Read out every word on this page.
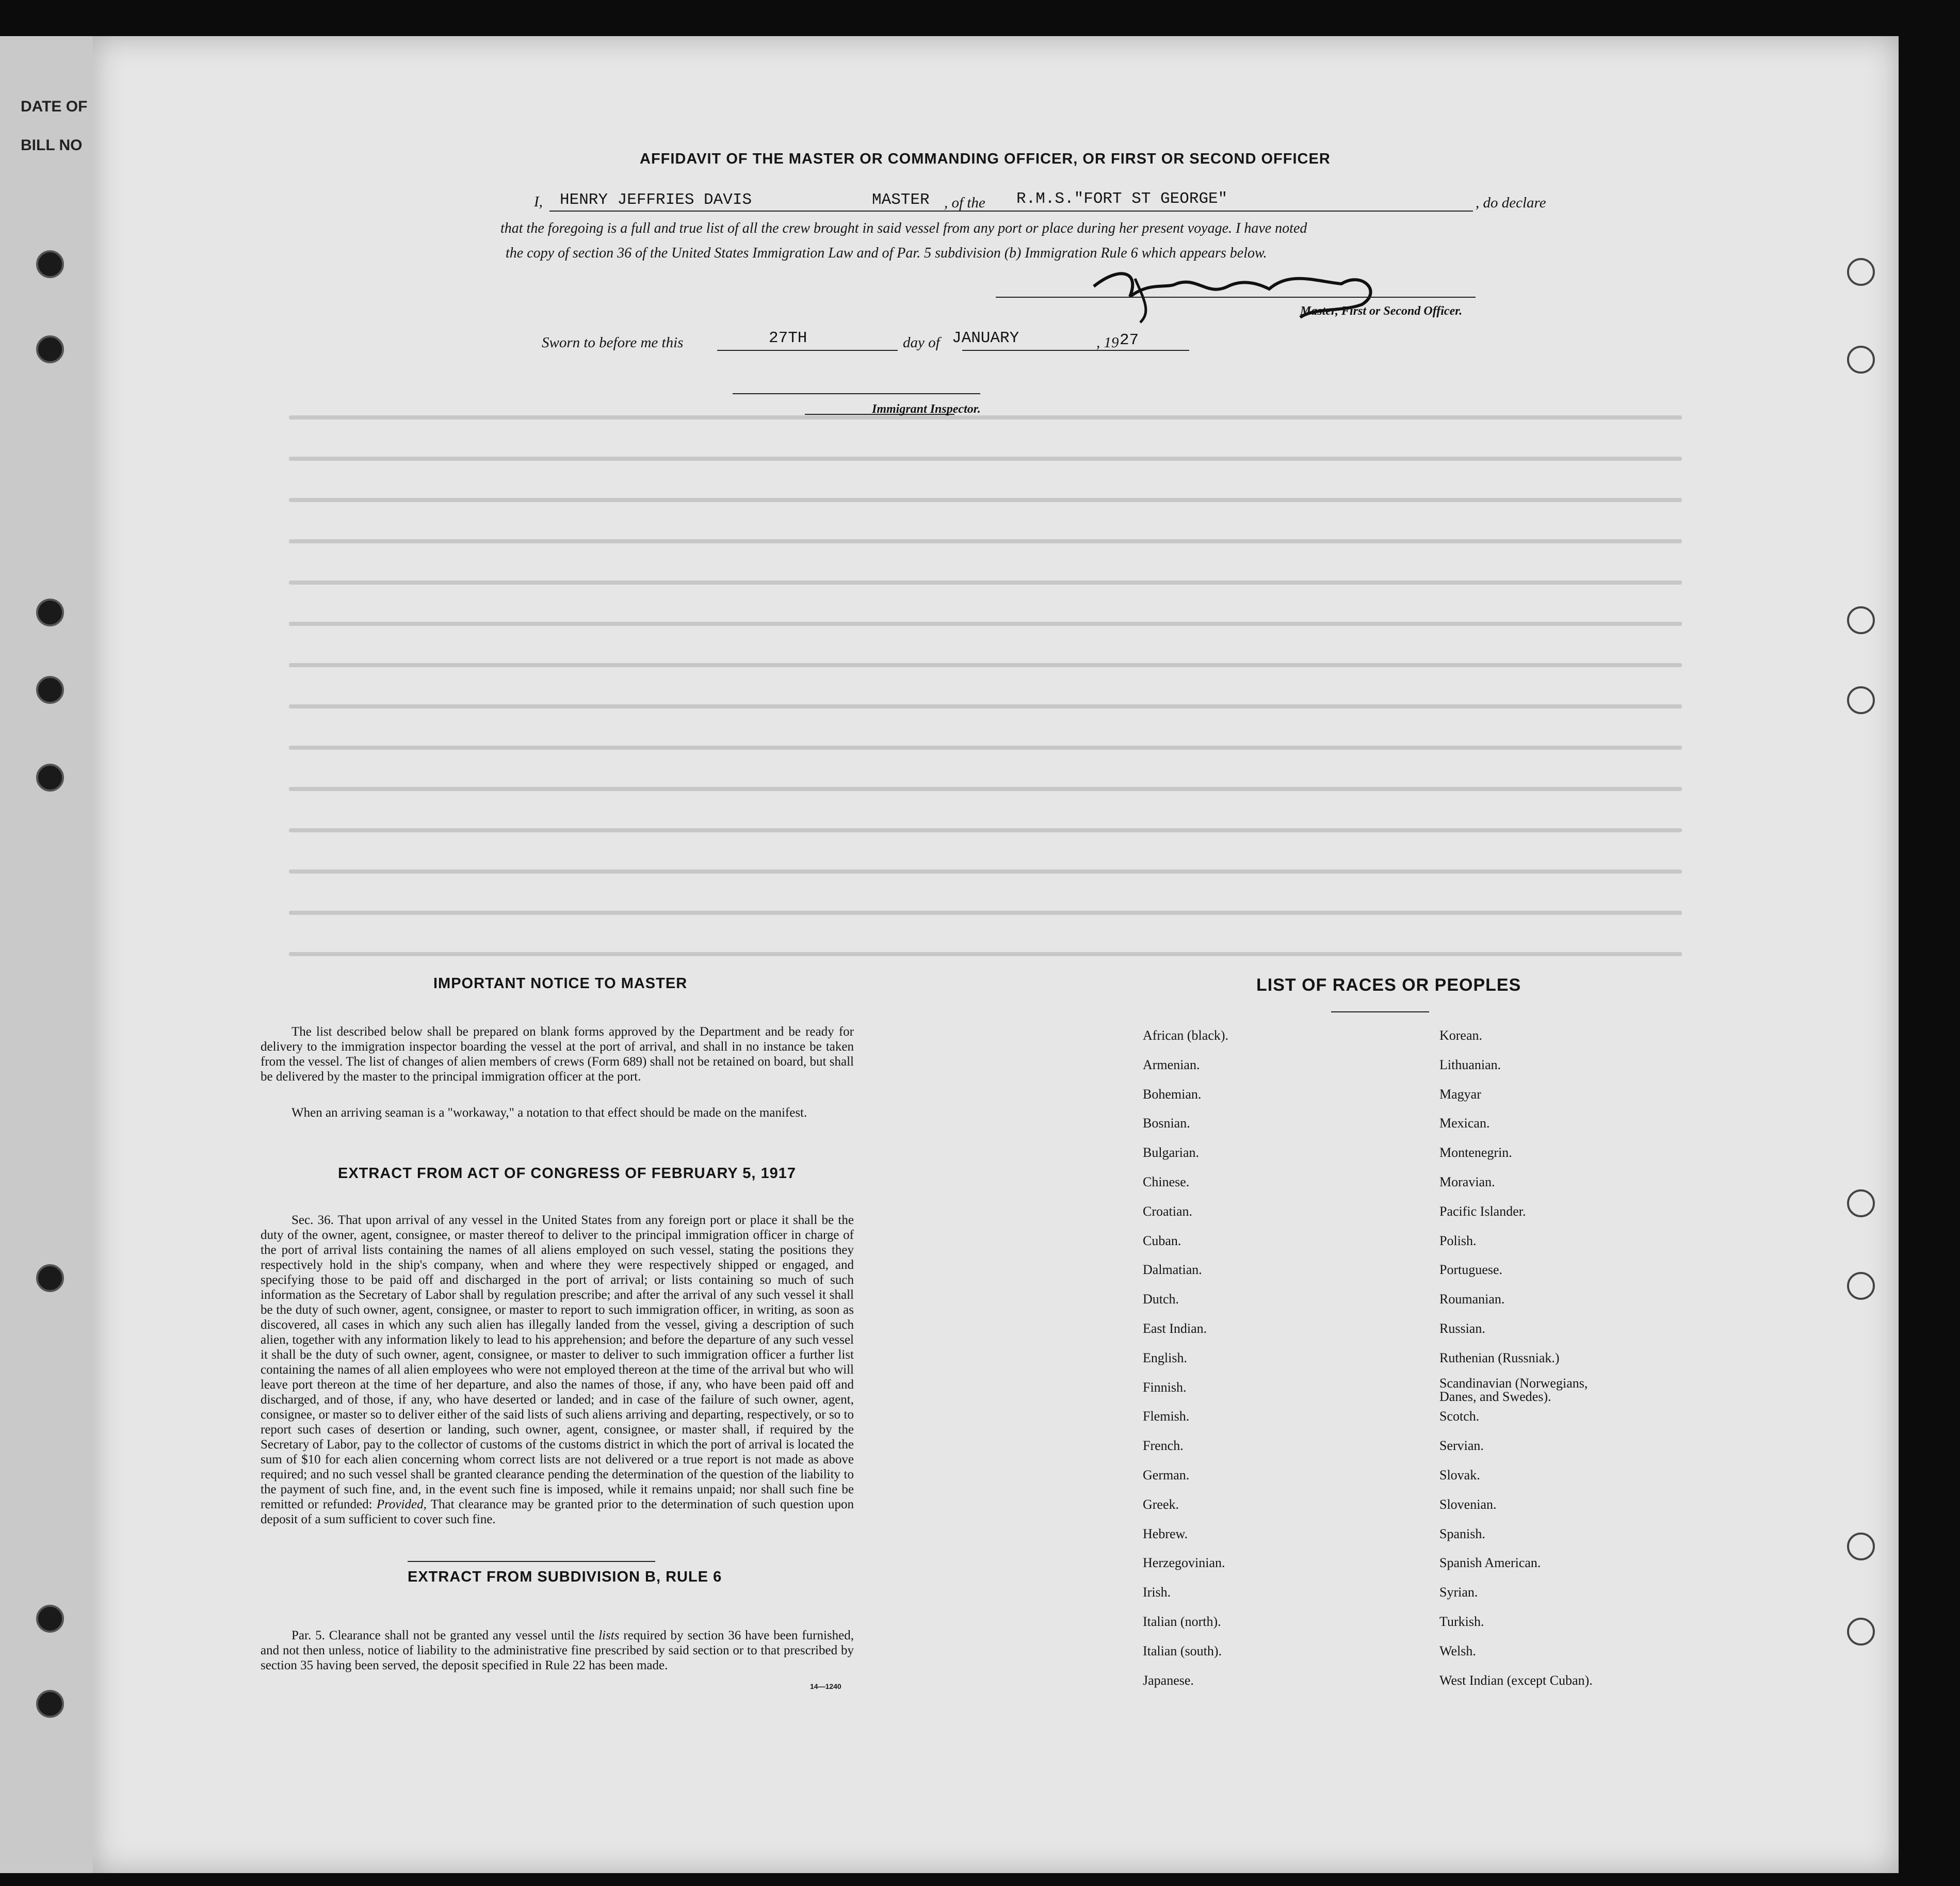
DATE OF
BILL NO
AFFIDAVIT OF THE MASTER OR COMMANDING OFFICER, OR FIRST OR SECOND OFFICER
I, HENRY JEFFRIES DAVIS	MASTER , of the R.M.S."FORT ST GEORGE"	, do declare
that the foregoing is a full and true list of all the crew brought in said vessel from any port or place during her present voyage. I have noted
the copy of section 36 of the United States Immigration Law and of Par. 5 subdivision (b) Immigration Rule 6 which appears below.
Master, First or Second Officer.
Sworn to before me this	27TH	day of JANUARY	, 19 27
Immigrant Inspector.
IMPORTANT NOTICE TO MASTER
The list described below shall be prepared on blank forms approved by the Department and be ready for delivery to the immigration inspector boarding the vessel at the port of arrival, and shall in no instance be taken from the vessel. The list of changes of alien members of crews (Form 689) shall not be retained on board, but shall be delivered by the master to the principal immigration officer at the port.
When an arriving seaman is a "workaway," a notation to that effect should be made on the manifest.
EXTRACT FROM ACT OF CONGRESS OF FEBRUARY 5, 1917
Sec. 36. That upon arrival of any vessel in the United States from any foreign port or place it shall be the duty of the owner, agent, consignee, or master thereof to deliver to the principal immigration officer in charge of the port of arrival lists containing the names of all aliens employed on such vessel, stating the positions they respectively hold in the ship's company, when and where they were respectively shipped or engaged, and specifying those to be paid off and discharged in the port of arrival; or lists containing so much of such information as the Secretary of Labor shall by regulation prescribe; and after the arrival of any such vessel it shall be the duty of such owner, agent, consignee, or master to report to such immigration officer, in writing, as soon as discovered, all cases in which any such alien has illegally landed from the vessel, giving a description of such alien, together with any information likely to lead to his apprehension; and before the departure of any such vessel it shall be the duty of such owner, agent, consignee, or master to deliver to such immigration officer a further list containing the names of all alien employees who were not employed thereon at the time of the arrival but who will leave port thereon at the time of her departure, and also the names of those, if any, who have been paid off and discharged, and of those, if any, who have deserted or landed; and in case of the failure of such owner, agent, consignee, or master so to deliver either of the said lists of such aliens arriving and departing, respectively, or so to report such cases of desertion or landing, such owner, agent, consignee, or master shall, if required by the Secretary of Labor, pay to the collector of customs of the customs district in which the port of arrival is located the sum of $10 for each alien concerning whom correct lists are not delivered or a true report is not made as above required; and no such vessel shall be granted clearance pending the determination of the question of the liability to the payment of such fine, and, in the event such fine is imposed, while it remains unpaid; nor shall such fine be remitted or refunded: Provided, That clearance may be granted prior to the determination of such question upon deposit of a sum sufficient to cover such fine.
EXTRACT FROM SUBDIVISION B, RULE 6
Par. 5. Clearance shall not be granted any vessel until the lists required by section 36 have been furnished, and not then unless, notice of liability to the administrative fine prescribed by said section or to that prescribed by section 35 having been served, the deposit specified in Rule 22 has been made.
14—1240
LIST OF RACES OR PEOPLES
African (black).
Armenian.
Bohemian.
Bosnian.
Bulgarian.
Chinese.
Croatian.
Cuban.
Dalmatian.
Dutch.
East Indian.
English.
Finnish.
Flemish.
French.
German.
Greek.
Hebrew.
Herzegovinian.
Irish.
Italian (north).
Italian (south).
Japanese.
Korean.
Lithuanian.
Magyar
Mexican.
Montenegrin.
Moravian.
Pacific Islander.
Polish.
Portuguese.
Roumanian.
Russian.
Ruthenian (Russniak.)
Scandinavian (Norwegians, Danes, and Swedes).
Scotch.
Servian.
Slovak.
Slovenian.
Spanish.
Spanish American.
Syrian.
Turkish.
Welsh.
West Indian (except Cuban).
